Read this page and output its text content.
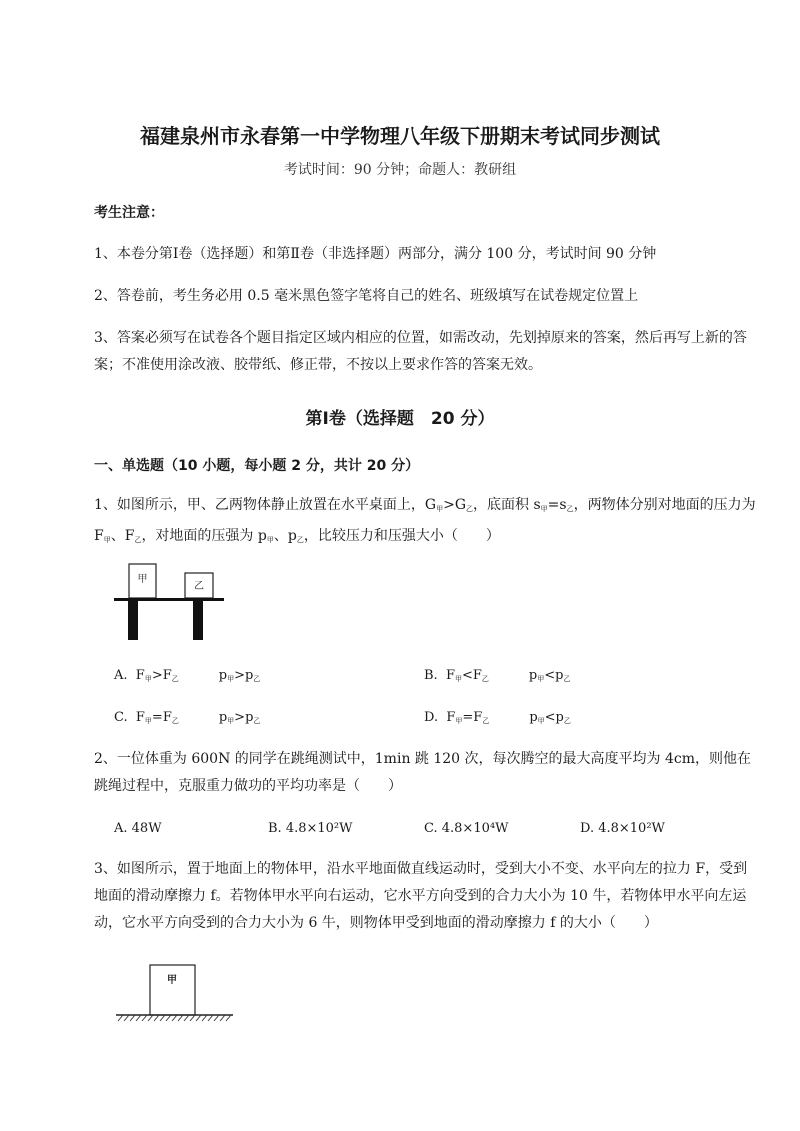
福建泉州市永春第一中学物理八年级下册期末考试同步测试
考试时间：90 分钟；命题人：教研组
考生注意：
1、本卷分第Ⅰ卷（选择题）和第Ⅱ卷（非选择题）两部分，满分 100 分，考试时间 90 分钟
2、答卷前，考生务必用 0.5 毫米黑色签字笔将自己的姓名、班级填写在试卷规定位置上
3、答案必须写在试卷各个题目指定区域内相应的位置，如需改动，先划掉原来的答案，然后再写上新的答案；不准使用涂改液、胶带纸、修正带，不按以上要求作答的答案无效。
第Ⅰ卷（选择题　20 分）
一、单选题（10 小题，每小题 2 分，共计 20 分）
1、如图所示，甲、乙两物体静止放置在水平桌面上，G甲>G乙，底面积 s甲=s乙，两物体分别对地面的压力为 F甲、F乙，对地面的压强为 p甲、p乙，比较压力和压强大小（　　）
甲
乙
A. F甲>F乙	p甲>p乙	B. F甲<F乙	p甲<p乙
C. F甲=F乙	p甲>p乙	D. F甲=F乙	p甲<p乙
2、一位体重为 600N 的同学在跳绳测试中，1min 跳 120 次，每次腾空的最大高度平均为 4cm，则他在跳绳过程中，克服重力做功的平均功率是（　　）
A. 48W	B. 4.8×10²W	C. 4.8×10⁴W	D. 4.8×10²W
3、如图所示，置于地面上的物体甲，沿水平地面做直线运动时，受到大小不变、水平向左的拉力 F，受到地面的滑动摩擦力 f。若物体甲水平向右运动，它水平方向受到的合力大小为 10 牛，若物体甲水平向左运动，它水平方向受到的合力大小为 6 牛，则物体甲受到地面的滑动摩擦力 f 的大小（　　）
甲
